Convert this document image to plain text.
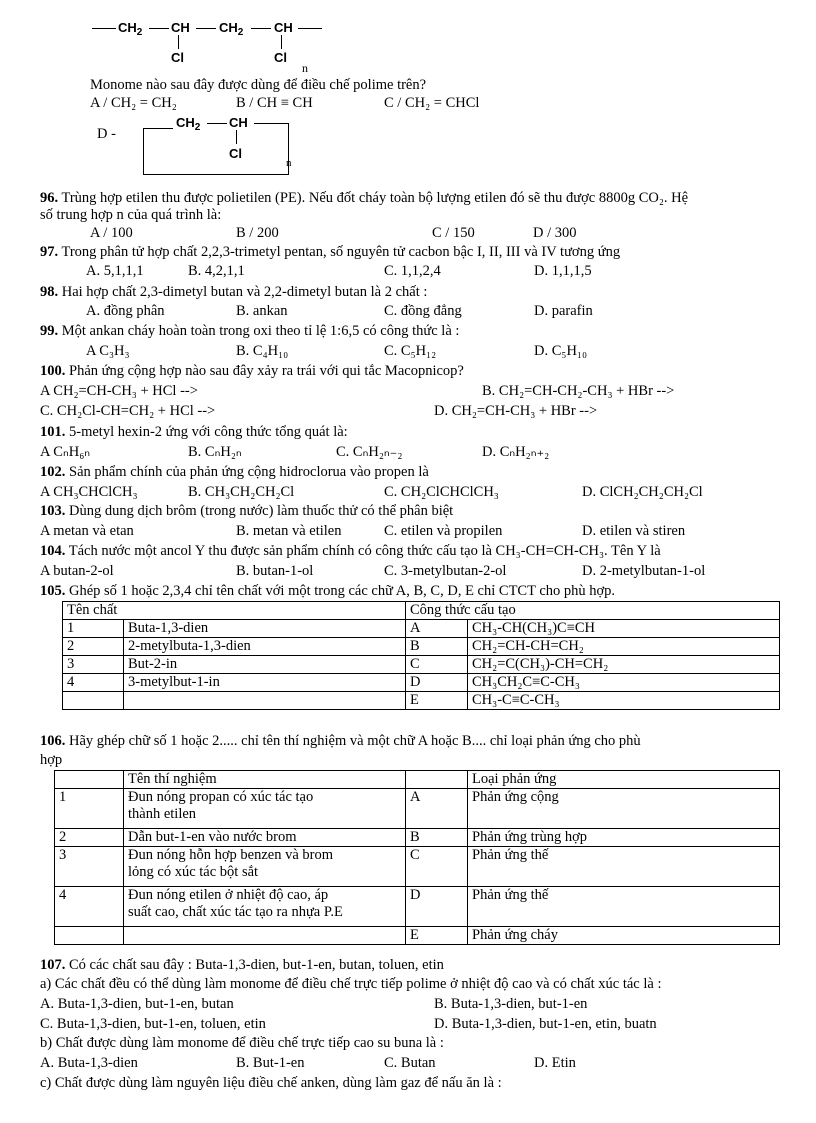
$CH_2$ CH
Cl
$CH_2$ CH
Cl
n
Monome nào sau đây được dùng để điều chế polime trên?
A / CH₂ = CH₂	B / CH ≡ CH	C / CH₂ = CHCl
D -
$CH_2$ CH
Cl
n
96. Trùng hợp etilen thu được polietilen (PE). Nếu đốt cháy toàn bộ lượng etilen đó sẽ thu được 8800g CO₂. Hệ
số trung hợp n của quá trình là:
A / 100	B / 200	C / 150	D / 300
97. Trong phân tử hợp chất 2,2,3-trimetyl pentan, số nguyên tử cacbon bậc I, II, III và IV tương ứng
A. 5,1,1,1	B. 4,2,1,1	C. 1,1,2,4	D. 1,1,1,5
98. Hai hợp chất 2,3-dimetyl butan và 2,2-dimetyl butan là 2 chất :
A. đồng phân	B. ankan	C. đồng đẳng	D. parafin
99. Một ankan cháy hoàn toàn trong oxi theo tỉ lệ 1:6,5 có công thức là :
A C₃H₃	B. C₄H₁₀	C. C₅H₁₂	D. C₅H₁₀
100. Phản ứng cộng hợp nào sau đây xảy ra trái với qui tắc Macopnicop?
A CH₂=CH-CH₃ + HCl -->	B. CH₂=CH-CH₂-CH₃ + HBr -->
C. CH₂Cl-CH=CH₂ + HCl -->	D. CH₂=CH-CH₃ + HBr -->
101. 5-metyl hexin-2 ứng với công thức tổng quát là:
A CₙH₆ₙ	B. CₙH₂ₙ	C. CₙH₂ₙ₋₂	D. CₙH₂ₙ₊₂
102. Sản phẩm chính của phản ứng cộng hidroclorua vào propen là
A CH₃CHClCH₃	B. CH₃CH₂CH₂Cl	C. CH₂ClCHClCH₃	D. ClCH₂CH₂CH₂Cl
103. Dùng dung dịch brôm (trong nước) làm thuốc thử có thể phân biệt
A metan và etan	B. metan và etilen	C. etilen và propilen	D. etilen và stiren
104. Tách nước một ancol Y thu được sản phẩm chính có công thức cấu tạo là CH₃-CH=CH-CH₃. Tên Y là
A butan-2-ol	B. butan-1-ol	C. 3-metylbutan-2-ol	D. 2-metylbutan-1-ol
105. Ghép số 1 hoặc 2,3,4 chỉ tên chất với một trong các chữ A, B, C, D, E chỉ CTCT cho phù hợp.
Tên chất		Công thức cấu tạo	
1	Buta-1,3-dien	A	CH₃-CH(CH₃)C≡CH
2	2-metylbuta-1,3-dien	B	CH₂=CH-CH=CH₂
3	But-2-in	C	CH₂=C(CH₃)-CH=CH₂
4	3-metylbut-1-in	D	CH₃CH₂C≡C-CH₃
		E	CH₃-C≡C-CH₃
106. Hãy ghép chữ số 1 hoặc 2..... chỉ tên thí nghiệm và một chữ A hoặc B.... chỉ loại phản ứng cho phù
hợp
	Tên thí nghiệm		Loại phản ứng
1	Đun nóng propan có xúc tác tạo
thành etilen	A	Phản ứng cộng
2	Dẫn but-1-en vào nước brom	B	Phản ứng trùng hợp
3	Đun nóng hỗn hợp benzen và brom
lỏng có xúc tác bột sắt	C	Phản ứng thế
4	Đun nóng etilen ở nhiệt độ cao, áp
suất cao, chất xúc tác tạo ra nhựa P.E	D	Phản ứng thế
		E	Phản ứng cháy
107. Có các chất sau đây : Buta-1,3-dien, but-1-en, butan, toluen, etin
a) Các chất đều có thể dùng làm monome để điều chế trực tiếp polime ở nhiệt độ cao và có chất xúc tác là :
A. Buta-1,3-dien, but-1-en, butan	B. Buta-1,3-dien, but-1-en
C. Buta-1,3-dien, but-1-en, toluen, etin	D. Buta-1,3-dien, but-1-en, etin, buatn
b) Chất được dùng làm monome để điều chế trực tiếp cao su buna là :
A. Buta-1,3-dien	B. But-1-en	C. Butan	D. Etin
c) Chất được dùng làm nguyên liệu điều chế anken, dùng làm gaz để nấu ăn là :
